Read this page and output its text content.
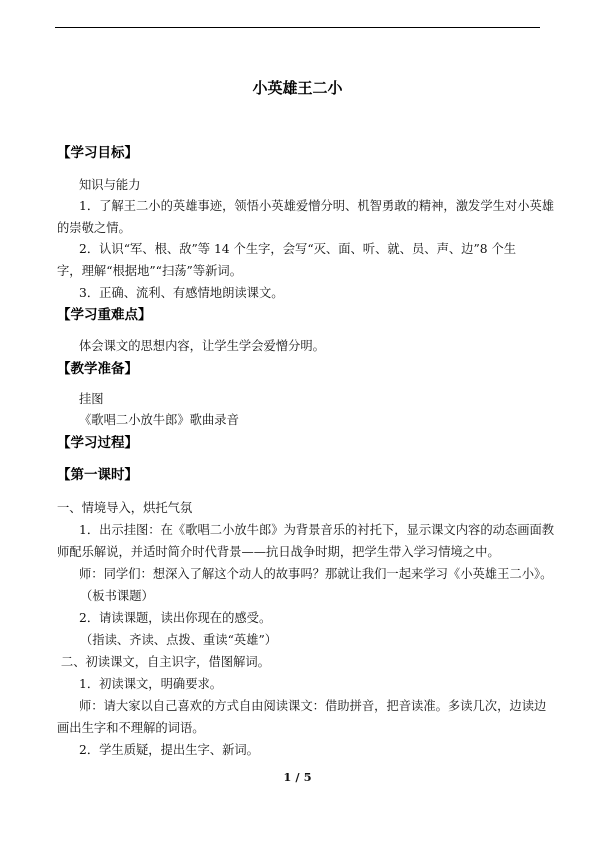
小英雄王二小
【学习目标】
知识与能力
1．了解王二小的英雄事迹，领悟小英雄爱憎分明、机智勇敢的精神，激发学生对小英雄
的崇敬之情。
2．认识“军、根、敌”等 14 个生字，会写“灭、面、听、就、员、声、边”8 个生
字，理解“根据地”“扫荡”等新词。
3．正确、流利、有感情地朗读课文。
【学习重难点】
体会课文的思想内容，让学生学会爱憎分明。
【教学准备】
挂图
《歌唱二小放牛郎》歌曲录音
【学习过程】
【第一课时】
一、情境导入，烘托气氛
1．出示挂图：在《歌唱二小放牛郎》为背景音乐的衬托下，显示课文内容的动态画面教
师配乐解说，并适时简介时代背景——抗日战争时期，把学生带入学习情境之中。
师：同学们：想深入了解这个动人的故事吗？那就让我们一起来学习《小英雄王二小》。
（板书课题）
2．请读课题，读出你现在的感受。
（指读、齐读、点拨、重读“英雄”）
二、初读课文，自主识字，借图解词。
1．初读课文，明确要求。
师：请大家以自己喜欢的方式自由阅读课文：借助拼音，把音读准。多读几次，边读边
画出生字和不理解的词语。
2．学生质疑，提出生字、新词。
1 / 5
